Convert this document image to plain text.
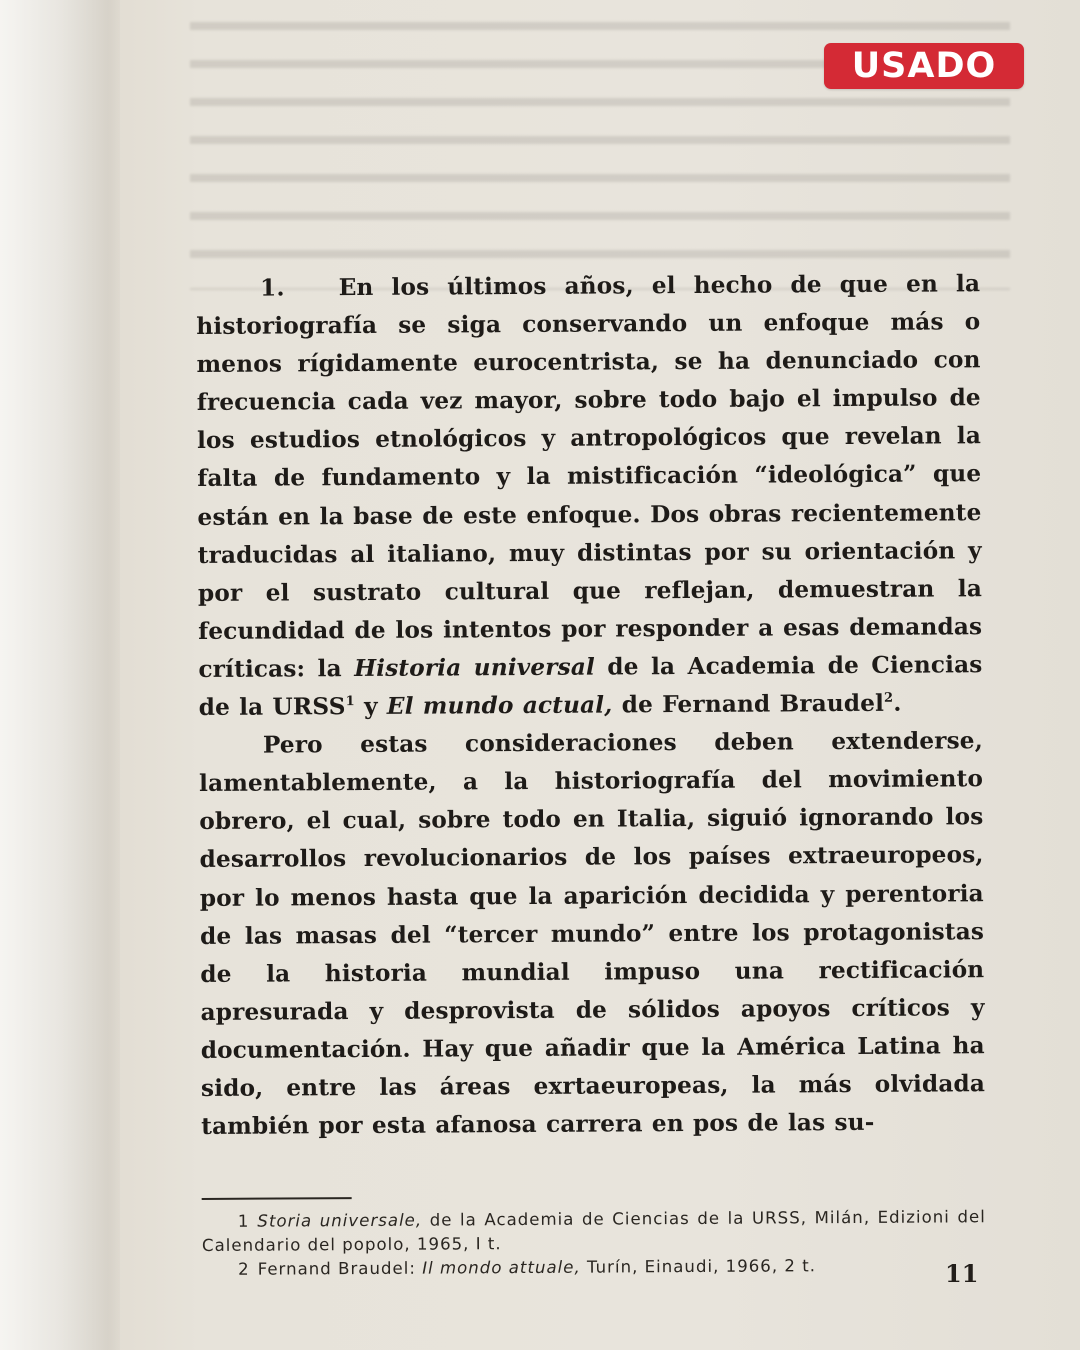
USADO

1. En los últimos años, el hecho de que en la historiografía se siga conservando un enfoque más o menos rígidamente eurocentrista, se ha denunciado con frecuencia cada vez mayor, sobre todo bajo el impulso de los estudios etnológicos y antropológicos que revelan la falta de fundamento y la mistificación “ideológica” que están en la base de este enfoque. Dos obras recientemente traducidas al italiano, muy distintas por su orientación y por el sustrato cultural que reflejan, demuestran la fecundidad de los intentos por responder a esas demandas críticas: la Historia universal de la Academia de Ciencias de la URSS$^1$ y El mundo actual, de Fernand Braudel$^2$.

Pero estas consideraciones deben extenderse, lamentablemente, a la historiografía del movimiento obrero, el cual, sobre todo en Italia, siguió ignorando los desarrollos revolucionarios de los países extraeuropeos, por lo menos hasta que la aparición decidida y perentoria de las masas del “tercer mundo” entre los protagonistas de la historia mundial impuso una rectificación apresurada y desprovista de sólidos apoyos críticos y documentación. Hay que añadir que la América Latina ha sido, entre las áreas exrtaeuropeas, la más olvidada también por esta afanosa carrera en pos de las su-

1 Storia universale, de la Academia de Ciencias de la URSS, Milán, Edizioni del Calendario del popolo, 1965, I t.

2 Fernand Braudel: Il mondo attuale, Turín, Einaudi, 1966, 2 t.	11
